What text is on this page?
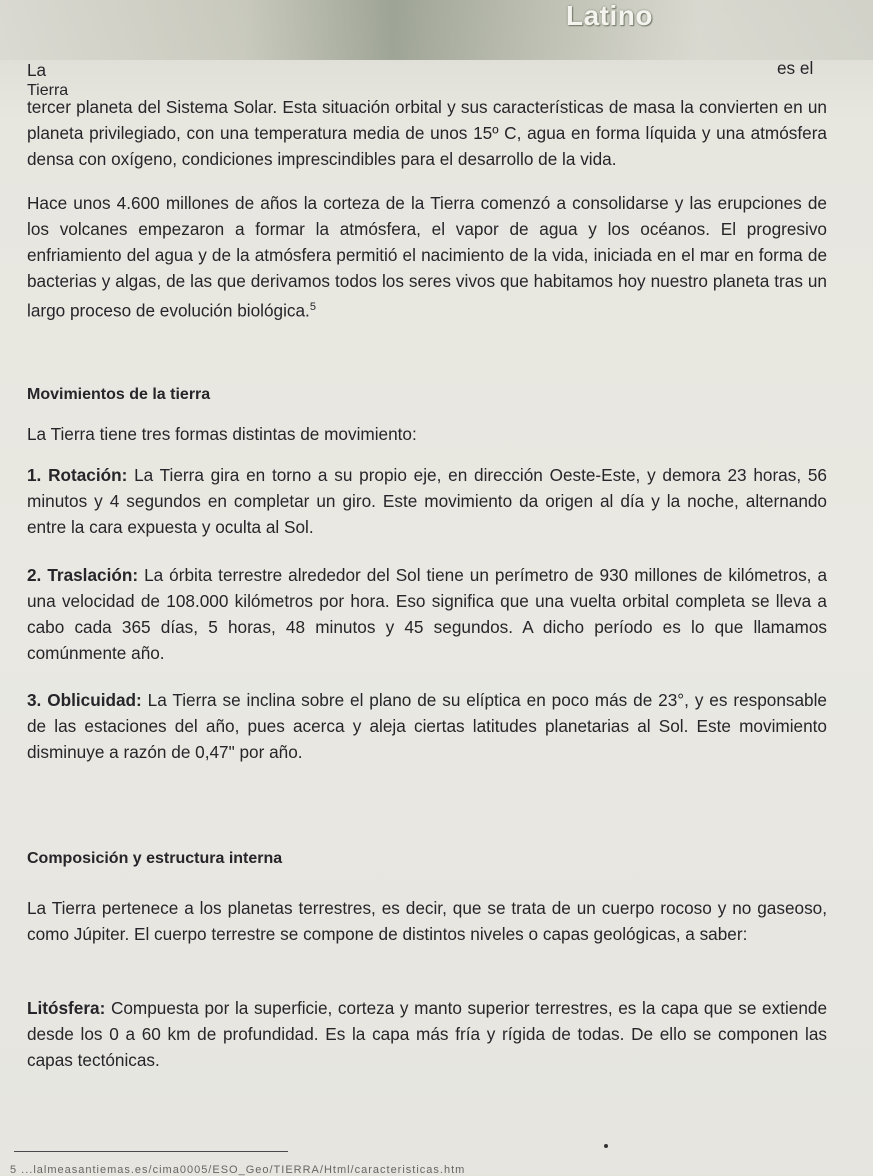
Latino

La

Tierra

es el

tercer planeta del Sistema Solar. Esta situación orbital y sus características de masa la convierten en un planeta privilegiado, con una temperatura media de unos 15º C, agua en forma líquida y una atmósfera densa con oxígeno, condiciones imprescindibles para el desarrollo de la vida.

Hace unos 4.600 millones de años la corteza de la Tierra comenzó a consolidarse y las erupciones de los volcanes empezaron a formar la atmósfera, el vapor de agua y los océanos. El progresivo enfriamiento del agua y de la atmósfera permitió el nacimiento de la vida, iniciada en el mar en forma de bacterias y algas, de las que derivamos todos los seres vivos que habitamos hoy nuestro planeta tras un largo proceso de evolución biológica.$^5$

Movimientos de la tierra

La Tierra tiene tres formas distintas de movimiento:

1. Rotación: La Tierra gira en torno a su propio eje, en dirección Oeste-Este, y demora 23 horas, 56 minutos y 4 segundos en completar un giro. Este movimiento da origen al día y la noche, alternando entre la cara expuesta y oculta al Sol.

2. Traslación: La órbita terrestre alrededor del Sol tiene un perímetro de 930 millones de kilómetros, a una velocidad de 108.000 kilómetros por hora. Eso significa que una vuelta orbital completa se lleva a cabo cada 365 días, 5 horas, 48 minutos y 45 segundos. A dicho período es lo que llamamos comúnmente año.

3. Oblicuidad: La Tierra se inclina sobre el plano de su elíptica en poco más de 23°, y es responsable de las estaciones del año, pues acerca y aleja ciertas latitudes planetarias al Sol. Este movimiento disminuye a razón de 0,47" por año.

Composición y estructura interna

La Tierra pertenece a los planetas terrestres, es decir, que se trata de un cuerpo rocoso y no gaseoso, como Júpiter. El cuerpo terrestre se compone de distintos niveles o capas geológicas, a saber:

Litósfera: Compuesta por la superficie, corteza y manto superior terrestres, es la capa que se extiende desde los 0 a 60 km de profundidad. Es la capa más fría y rígida de todas. De ello se componen las capas tectónicas.

5 ...lalmeasantiemas.es/cima0005/ESO_Geo/TIERRA/Html/caracteristicas.htm
